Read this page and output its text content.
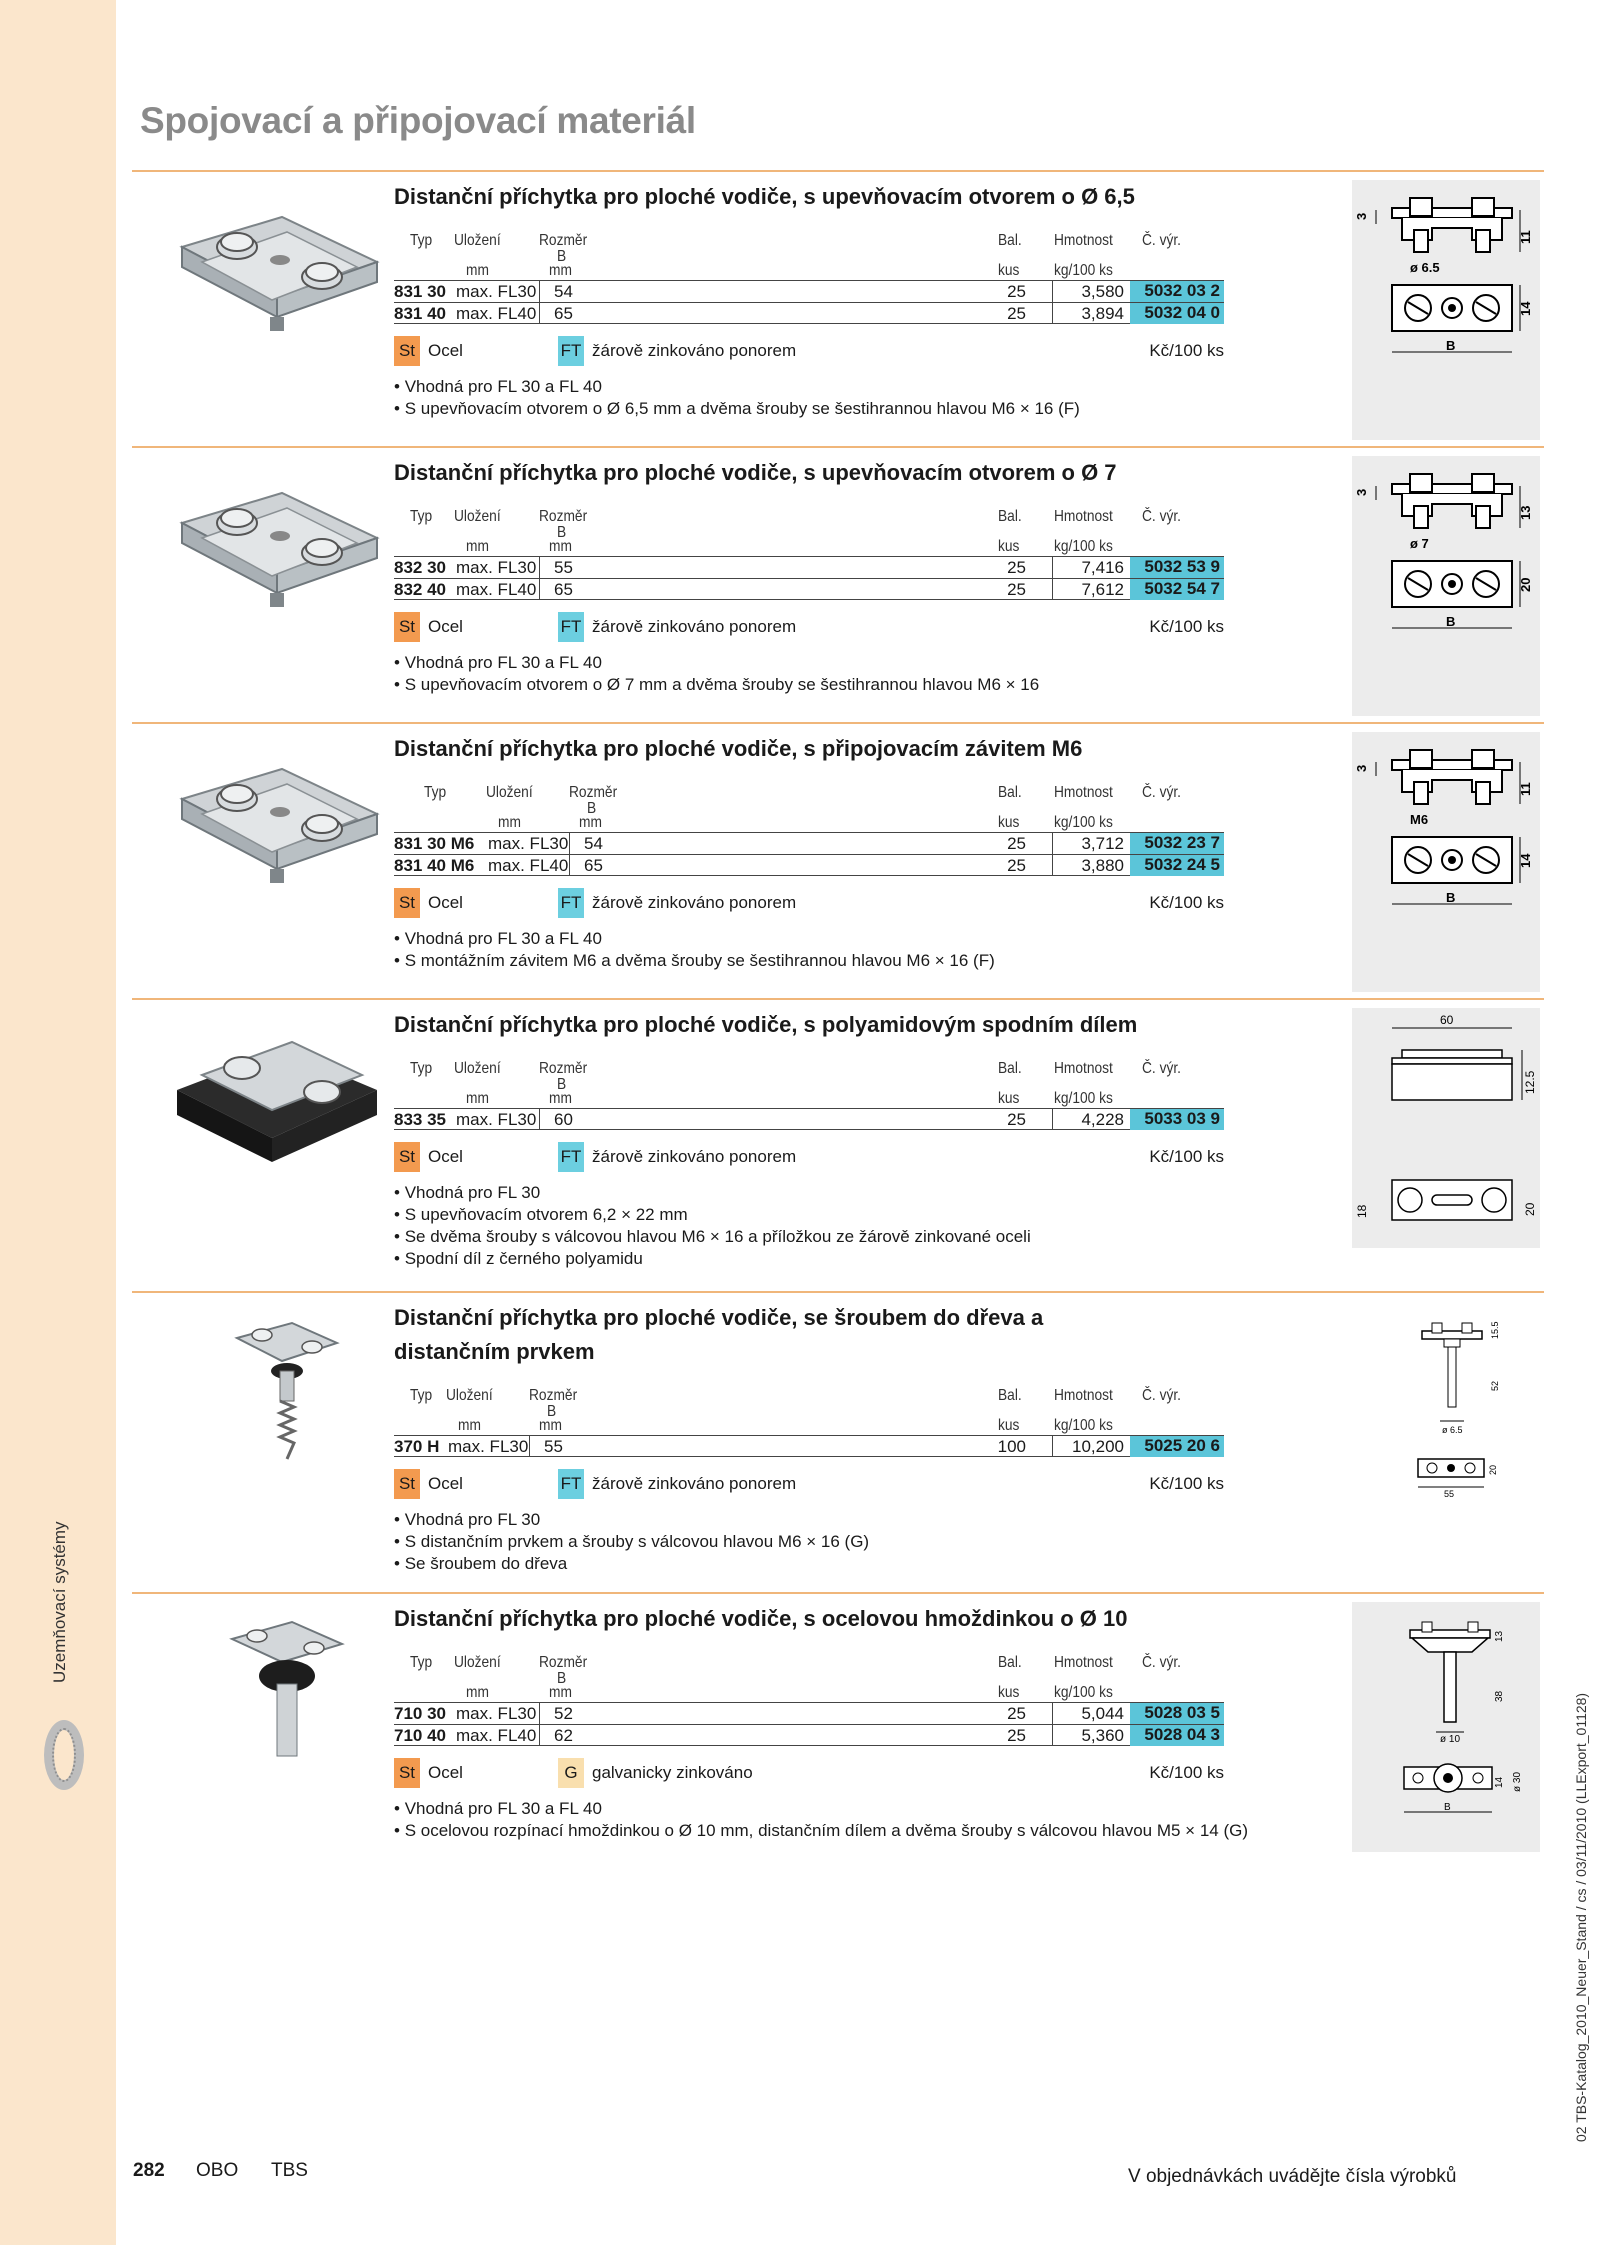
Uzemňovací systémy
02 TBS-Katalog_2010_Neuer_Stand / cs / 03/11/2010 (LLExport_01128)
Spojovací a připojovací materiál
Distanční příchytka pro ploché vodiče, s upevňovacím otvorem o Ø 6,5
Typ Uložení Rozměr
B
Bal. Hmotnost Č. výr.
mm	mm	kus kg/100 ks
831 30 max. FL30 54	25	3,580	5032 03 2
831 40 max. FL40 65	25	3,894	5032 04 0
St Ocel	FT žárově zinkováno ponorem	Kč/100 ks
• Vhodná pro FL 30 a FL 40
• S upevňovacím otvorem o Ø 6,5 mm a dvěma šrouby se šestihrannou hlavou M6 × 16 (F)
3
ø 6.5
11
14
B
Distanční příchytka pro ploché vodiče, s upevňovacím otvorem o Ø 7
Typ Uložení Rozměr
B
Bal. Hmotnost Č. výr.
mm	mm	kus kg/100 ks
832 30 max. FL30 55	25	7,416	5032 53 9
832 40 max. FL40 65	25	7,612	5032 54 7
St Ocel	FT žárově zinkováno ponorem	Kč/100 ks
• Vhodná pro FL 30 a FL 40
• S upevňovacím otvorem o Ø 7 mm a dvěma šrouby se šestihrannou hlavou M6 × 16
3
ø 7
13
20
B
Distanční příchytka pro ploché vodiče, s připojovacím závitem M6
Typ Uložení Rozměr
B
Bal. Hmotnost Č. výr.
mm	mm	kus kg/100 ks
831 30 M6 max. FL30 54	25	3,712	5032 23 7
831 40 M6 max. FL40 65	25	3,880	5032 24 5
St Ocel	FT žárově zinkováno ponorem	Kč/100 ks
• Vhodná pro FL 30 a FL 40
• S montážním závitem M6 a dvěma šrouby se šestihrannou hlavou M6 × 16 (F)
3
M6
11
14
B
Distanční příchytka pro ploché vodiče, s polyamidovým spodním dílem
Typ Uložení Rozměr
B
Bal. Hmotnost Č. výr.
mm	mm	kus kg/100 ks
833 35 max. FL30 60	25	4,228	5033 03 9
St Ocel	FT žárově zinkováno ponorem	Kč/100 ks
• Vhodná pro FL 30
• S upevňovacím otvorem 6,2 × 22 mm
• Se dvěma šrouby s válcovou hlavou M6 × 16 a příložkou ze žárově zinkované oceli
• Spodní díl z černého polyamidu
60
12.5
18	20
Distanční příchytka pro ploché vodiče, se šroubem do dřeva a distančním prvkem
Typ Uložení Rozměr
B
Bal. Hmotnost Č. výr.
mm	mm	kus kg/100 ks
370 H max. FL30 55	100	10,200	5025 20 6
St Ocel	FT žárově zinkováno ponorem	Kč/100 ks
• Vhodná pro FL 30
• S distančním prvkem a šrouby s válcovou hlavou M6 × 16 (G)
• Se šroubem do dřeva
15.5
52
ø 6.5
20
55
Distanční příchytka pro ploché vodiče, s ocelovou hmoždinkou o Ø 10
Typ Uložení Rozměr
B
Bal. Hmotnost Č. výr.
mm	mm	kus kg/100 ks
710 30 max. FL30 52	25	5,044	5028 03 5
710 40 max. FL40 62	25	5,360	5028 04 3
St Ocel	G galvanicky zinkováno	Kč/100 ks
• Vhodná pro FL 30 a FL 40
• S ocelovou rozpínací hmoždinkou o Ø 10 mm, distančním dílem a dvěma šrouby s válcovou hlavou M5 × 14 (G)
13
38
ø 10
14 ø 30
B
282 OBO TBS	V objednávkách uvádějte čísla výrobků
